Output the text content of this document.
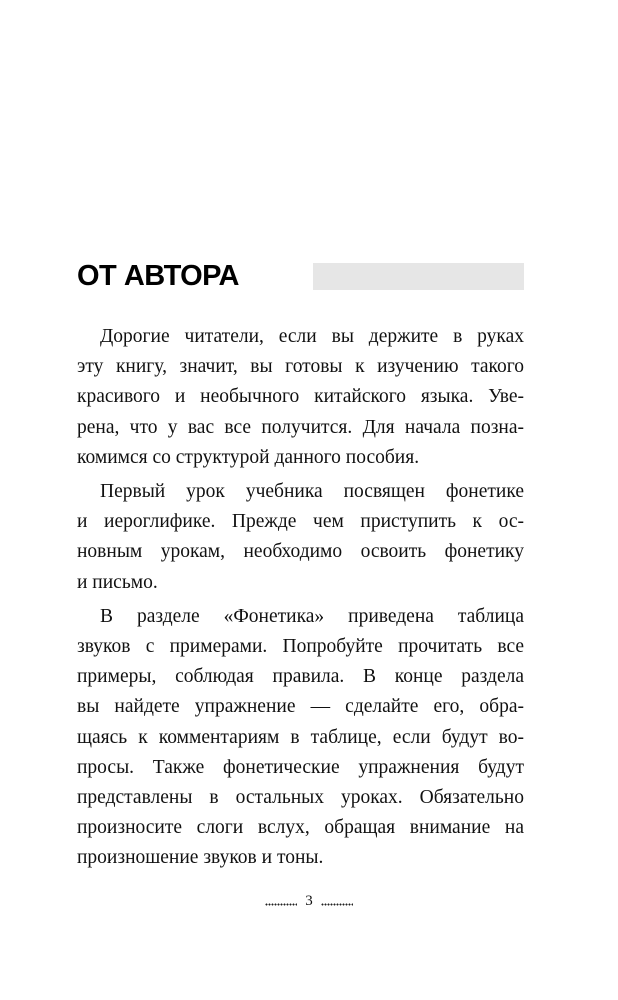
ОТ АВТОРА

Дорогие читатели, если вы держите в руках
эту книгу, значит, вы готовы к изучению такого
красивого и необычного китайского языка. Уве-
рена, что у вас все получится. Для начала позна-
комимся со структурой данного пособия.

Первый урок учебника посвящен фонетике
и иероглифике. Прежде чем приступить к ос-
новным урокам, необходимо освоить фонетику
и письмо.

В разделе «Фонетика» приведена таблица
звуков с примерами. Попробуйте прочитать все
примеры, соблюдая правила. В конце раздела
вы найдете упражнение — сделайте его, обра-
щаясь к комментариям в таблице, если будут во-
просы. Также фонетические упражнения будут
представлены в остальных уроках. Обязательно
произносите слоги вслух, обращая внимание на
произношение звуков и тоны.

3
